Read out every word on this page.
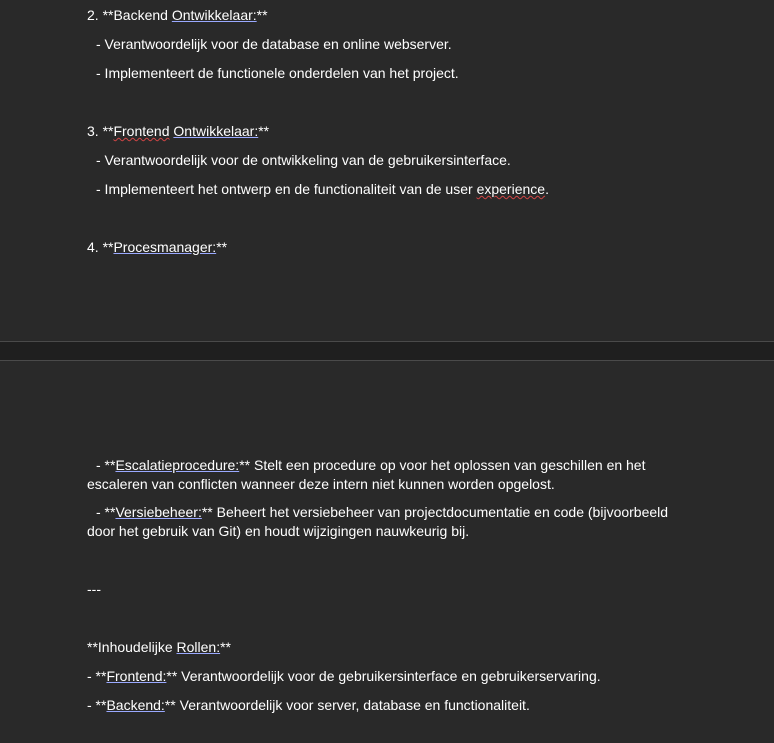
2. **Backend Ontwikkelaar:**
- Verantwoordelijk voor de database en online webserver.
- Implementeert de functionele onderdelen van het project.
3. **Frontend Ontwikkelaar:**
- Verantwoordelijk voor de ontwikkeling van de gebruikersinterface.
- Implementeert het ontwerp en de functionaliteit van de user experience.
4. **Procesmanager:**
- **Escalatieprocedure:** Stelt een procedure op voor het oplossen van geschillen en het escaleren van conflicten wanneer deze intern niet kunnen worden opgelost.
- **Versiebeheer:** Beheert het versiebeheer van projectdocumentatie en code (bijvoorbeeld door het gebruik van Git) en houdt wijzigingen nauwkeurig bij.
---
**Inhoudelijke Rollen:**
- **Frontend:** Verantwoordelijk voor de gebruikersinterface en gebruikerservaring.
- **Backend:** Verantwoordelijk voor server, database en functionaliteit.
